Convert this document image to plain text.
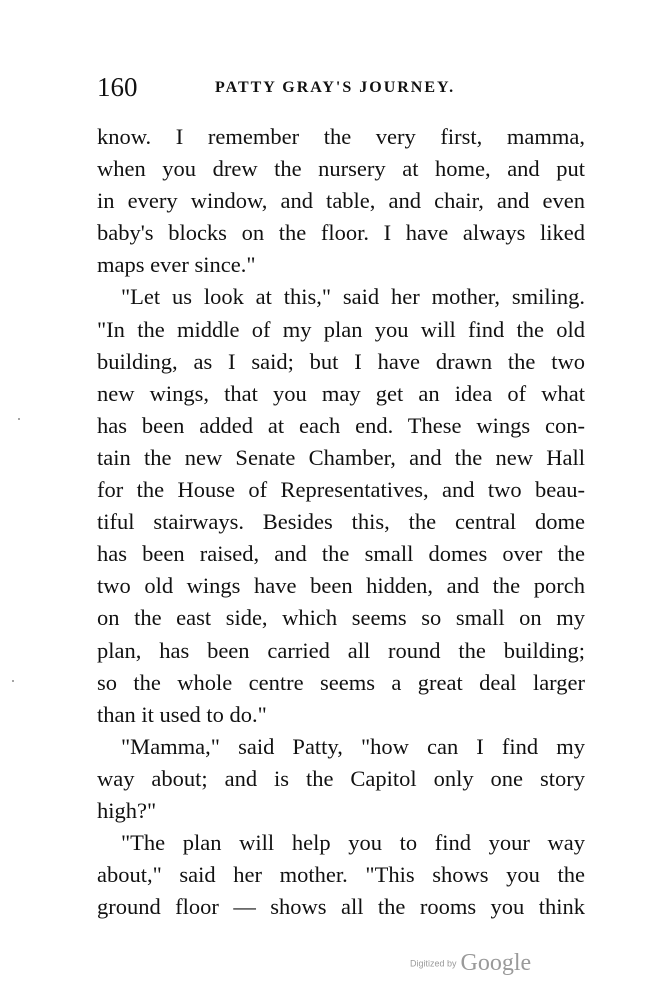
160	PATTY GRAY'S JOURNEY.
know. I remember the very first, mamma,
when you drew the nursery at home, and put
in every window, and table, and chair, and even
baby's blocks on the floor. I have always liked
maps ever since."
"Let us look at this," said her mother, smiling.
"In the middle of my plan you will find the old
building, as I said; but I have drawn the two
new wings, that you may get an idea of what
has been added at each end. These wings con-
tain the new Senate Chamber, and the new Hall
for the House of Representatives, and two beau-
tiful stairways. Besides this, the central dome
has been raised, and the small domes over the
two old wings have been hidden, and the porch
on the east side, which seems so small on my
plan, has been carried all round the building;
so the whole centre seems a great deal larger
than it used to do."
"Mamma," said Patty, "how can I find my
way about; and is the Capitol only one story
high?"
"The plan will help you to find your way
about," said her mother. "This shows you the
ground floor — shows all the rooms you think
Digitized by Google
